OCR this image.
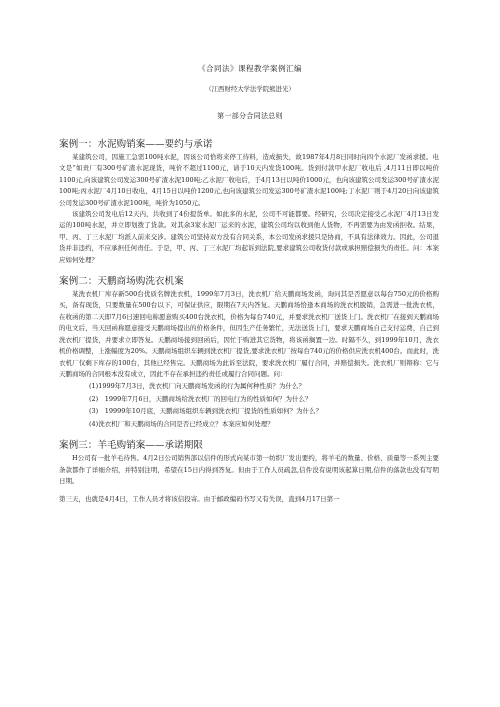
《合同法》课程教学案例汇编
（江西财经大学法学院熊进光）
第一部分合同法总则
案例一：水泥购销案——要约与承诺

某建筑公司，因施工急需100吨水泥，因该公司恰将来停工待料，造成损失，故1987年4月8日同时向四个水泥厂发函求援。电文是“如贵厂有300号矿渣水泥现货，吨价不超过1100元，请于10天内发货100吨。货到付款甲水泥厂收电后 ,4月11日即以吨价1100元,向该建筑公司发运300号矿渣水泥100吨;乙水泥厂收电后，于4月13日以吨价1000元，也向该建筑公司发运300号矿渣水泥100吨;丙水泥厂4月10日收电，4月15日以吨价1200元,也向该建筑公司发运300号矿渣水泥100吨;丁水泥厂则于4月20日向该建筑公司发运300号矿渣水泥100吨，吨价为1050元。

该建筑公司发电后12天内，共收到了4份提货单。如此多的水泥，公司不可能都要。经研究，公司决定接受乙水泥厂4月13日发运的100吨水泥，并立即划拨了货款。对其余3家水泥厂运来的水泥，建筑公司均以收到他人货物，不再需要为由发函拒收。结果，甲、丙、丁三水泥厂均派人前来交涉。建筑公司坚持双方没有合同关系，本公司发函求援只是协商，不具有法律效力。因此，公司退货并非违约，不应承担任何责任。于是，甲、丙、丁三水泥厂均起诉到法院,要求建筑公司收货付款或承担赔偿损失的责任。问：本案应如何处理？

案例二：天鹏商场购洗衣机案

某洗衣机厂库存新500台优质名牌洗衣机，1999年7月3日，洗衣机厂给天鹏商场发函，询问其是否愿意以每台750元的价格购买，备有现货，只要数量在500台以下，可保证供应，限期在7天内答复。天鹏商场恰逢本商场的洗衣机脱销，急需进一批洗衣机，在收函的第二天即7月6日速回电称愿意购买400台洗衣机，价格为每台740元，并要求洗衣机厂送货上门。洗衣机厂在接到天鹏商场的电文后，当天回函称愿意接受天鹏商场提出的价格条件，但因生产任务繁忙，无法送货上门，要求天鹏商场自己支付运费，自己到洗衣机厂提货，并要求立即答复。天鹏商场接到回函后，因忙于购进其它货物，将该函搁置一边。时隔不久，到1999年10月，洗衣机价格调整，上涨幅度为20%。天鹏商场组织车辆到洗衣机厂提货,要求洗衣机厂按每台740元的价格供应洗衣机400台。而此时，洗衣机厂仅剩下库存的100台，其他已经售完。天鹏商场为此诉至法院，要求洗衣机厂履行合同，并赔偿损失。洗衣机厂则辩称：它与天鹏商场的合同根本没有成立，因此不存在承担违约责任或履行合同问题。问：

(1)1999年7月3日，洗衣机厂向天鹏商场发函的行为属何种性质？为什么？

(2)　1999年7月6日，天鹏商场给洗衣机厂的回电行为的性质如何？为什么？

(3)　19999年10月底，天鹏商场组织车辆到洗衣机厂提货的性质如何？为什么？

(4)洗衣机厂和天鹏商场的合同是否已经成立？本案应如何处理？

案例三：羊毛购销案——承诺期限

H公司有一批羊毛待售。4月2日公司销售部以信件的形式向某市第一纺织厂发出要约，将羊毛的数量、价格、质量等一系列主要条款都作了详细介绍，并特别注明，希望在15日内得到答复。但由于工作人员疏忽,信件没有说明该起算日期,信件的落款也没有写明日期。

第三天，也就是4月4日，工作人员才将该信投寄。由于邮政编码书写又有失误，直到4月17日第一
